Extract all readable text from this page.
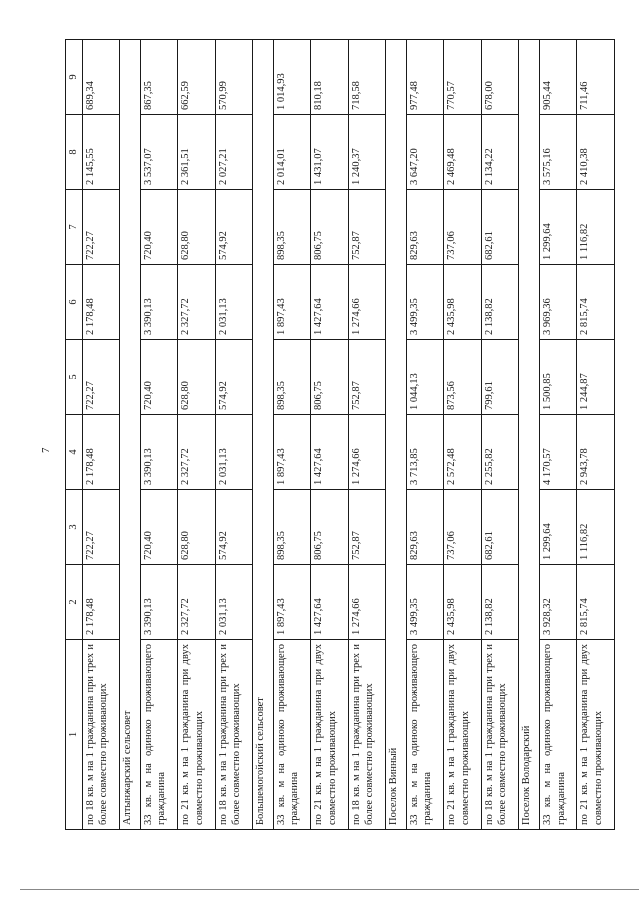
7
1	2	3	4	5	6	7	8	9
по 18 кв. м на 1 гражданина при трех и более совместно проживающих	2 178,48	722,27	2 178,48	722,27	2 178,48	722,27	2 145,55	689,34
Алтынжарский сельсовет								
33 кв. м на одиноко проживающего гражданина	3 390,13	720,40	3 390,13	720,40	3 390,13	720,40	3 537,07	867,35
по 21 кв. м на 1 гражданина при двух совместно проживающих	2 327,72	628,80	2 327,72	628,80	2 327,72	628,80	2 361,51	662,59
по 18 кв. м на 1 гражданина при трех и более совместно проживающих	2 031,13	574,92	2 031,13	574,92	2 031,13	574,92	2 027,21	570,99
Большемогойский сельсовет								
33 кв. м на одиноко проживающего гражданина	1 897,43	898,35	1 897,43	898,35	1 897,43	898,35	2 014,01	1 014,93
по 21 кв. м на 1 гражданина при двух совместно проживающих	1 427,64	806,75	1 427,64	806,75	1 427,64	806,75	1 431,07	810,18
по 18 кв. м на 1 гражданина при трех и более совместно проживающих	1 274,66	752,87	1 274,66	752,87	1 274,66	752,87	1 240,37	718,58
Поселок Винный								
33 кв. м на одиноко проживающего гражданина	3 499,35	829,63	3 713,85	1 044,13	3 499,35	829,63	3 647,20	977,48
по 21 кв. м на 1 гражданина при двух совместно проживающих	2 435,98	737,06	2 572,48	873,56	2 435,98	737,06	2 469,48	770,57
по 18 кв. м на 1 гражданина при трех и более совместно проживающих	2 138,82	682,61	2 255,82	799,61	2 138,82	682,61	2 134,22	678,00
Поселок Володарский								
33 кв. м на одиноко проживающего гражданина	3 928,32	1 299,64	4 170,57	1 500,85	3 969,36	1 299,64	3 575,16	905,44
по 21 кв. м на 1 гражданина при двух совместно проживающих	2 815,74	1 116,82	2 943,78	1 244,87	2 815,74	1 116,82	2 410,38	711,46
